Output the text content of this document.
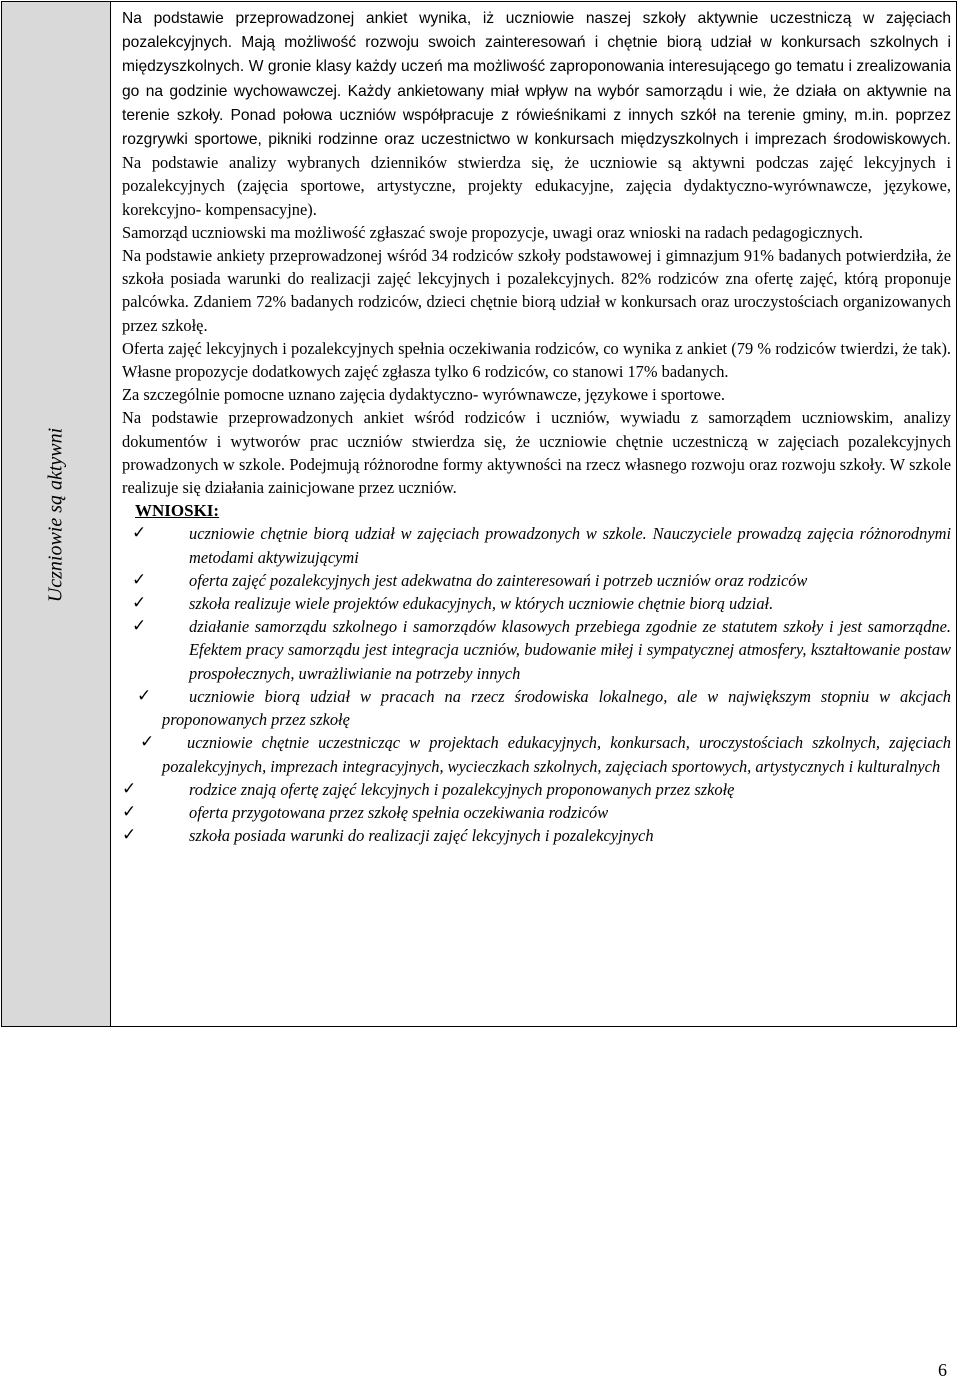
Uczniowie są aktywni

Na podstawie przeprowadzonej ankiet wynika, iż uczniowie naszej szkoły aktywnie uczestniczą w zajęciach pozalekcyjnych. Mają możliwość rozwoju swoich zainteresowań i chętnie biorą udział w konkursach szkolnych i międzyszkolnych. W gronie klasy każdy uczeń ma możliwość zaproponowania interesującego go tematu i zrealizowania go na godzinie wychowawczej. Każdy ankietowany miał wpływ na wybór samorządu i wie, że działa on aktywnie na terenie szkoły. Ponad połowa uczniów współpracuje z rówieśnikami z innych szkół na terenie gminy, m.in. poprzez rozgrywki sportowe, pikniki rodzinne oraz uczestnictwo w konkursach międzyszkolnych i imprezach środowiskowych. Na podstawie analizy wybranych dzienników stwierdza się, że uczniowie są aktywni podczas zajęć lekcyjnych i pozalekcyjnych (zajęcia sportowe, artystyczne, projekty edukacyjne, zajęcia dydaktyczno-wyrównawcze, językowe, korekcyjno- kompensacyjne).

Samorząd uczniowski ma możliwość zgłaszać swoje propozycje, uwagi oraz wnioski na radach pedagogicznych.

Na podstawie ankiety przeprowadzonej wśród 34 rodziców szkoły podstawowej i gimnazjum 91% badanych potwierdziła, że szkoła posiada warunki do realizacji zajęć lekcyjnych i pozalekcyjnych. 82% rodziców zna ofertę zajęć, którą proponuje palcówka. Zdaniem 72% badanych rodziców, dzieci chętnie biorą udział w konkursach oraz uroczystościach organizowanych przez szkołę.

Oferta zajęć lekcyjnych i pozalekcyjnych spełnia oczekiwania rodziców, co wynika z ankiet (79 % rodziców twierdzi, że tak). Własne propozycje dodatkowych zajęć zgłasza tylko 6 rodziców, co stanowi 17% badanych.

Za szczególnie pomocne uznano zajęcia dydaktyczno- wyrównawcze, językowe i sportowe.

Na podstawie przeprowadzonych ankiet wśród rodziców i uczniów, wywiadu z samorządem uczniowskim, analizy dokumentów i wytworów prac uczniów stwierdza się, że uczniowie chętnie uczestniczą w zajęciach pozalekcyjnych prowadzonych w szkole. Podejmują różnorodne formy aktywności na rzecz własnego rozwoju oraz rozwoju szkoły. W szkole realizuje się działania zainicjowane przez uczniów.

WNIOSKI:
✓	uczniowie chętnie biorą udział w zajęciach prowadzonych w szkole. Nauczyciele prowadzą zajęcia różnorodnymi metodami aktywizującymi
✓	oferta zajęć pozalekcyjnych jest adekwatna do zainteresowań i potrzeb uczniów oraz rodziców
✓	szkoła realizuje wiele projektów edukacyjnych, w których uczniowie chętnie biorą udział.
✓	działanie samorządu szkolnego i samorządów klasowych przebiega zgodnie ze statutem szkoły i jest samorządne. Efektem pracy samorządu jest integracja uczniów, budowanie miłej i sympatycznej atmosfery, kształtowanie postaw prospołecznych, uwrażliwianie na potrzeby innych
✓ uczniowie biorą udział w pracach na rzecz środowiska lokalnego, ale w największym stopniu w akcjach proponowanych przez szkołę
✓ uczniowie chętnie uczestnicząc w projektach edukacyjnych, konkursach, uroczystościach szkolnych, zajęciach pozalekcyjnych, imprezach integracyjnych, wycieczkach szkolnych, zajęciach sportowych, artystycznych i kulturalnych
✓	rodzice znają ofertę zajęć lekcyjnych i pozalekcyjnych proponowanych przez szkołę
✓	oferta przygotowana przez szkołę spełnia oczekiwania rodziców
✓	szkoła posiada warunki do realizacji zajęć lekcyjnych i pozalekcyjnych
6
